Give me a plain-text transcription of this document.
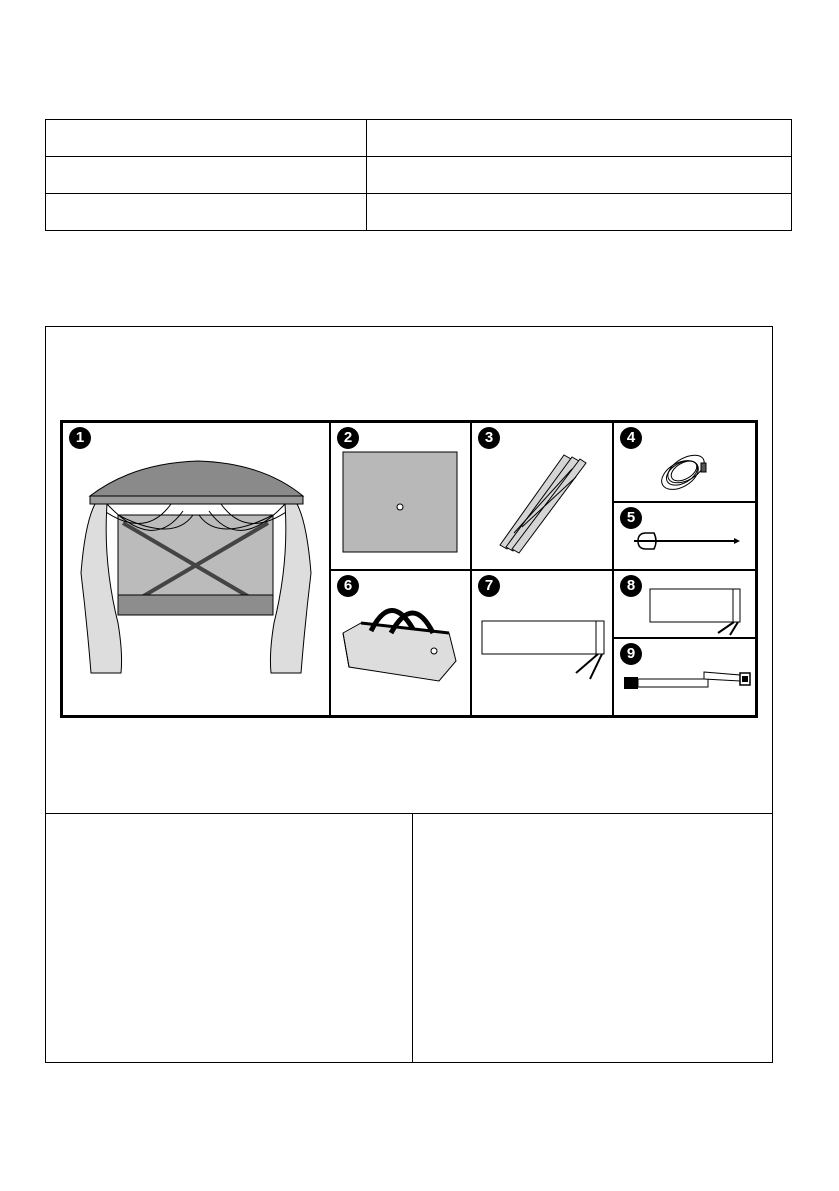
1	2	3	4
5
6	7	8
9
